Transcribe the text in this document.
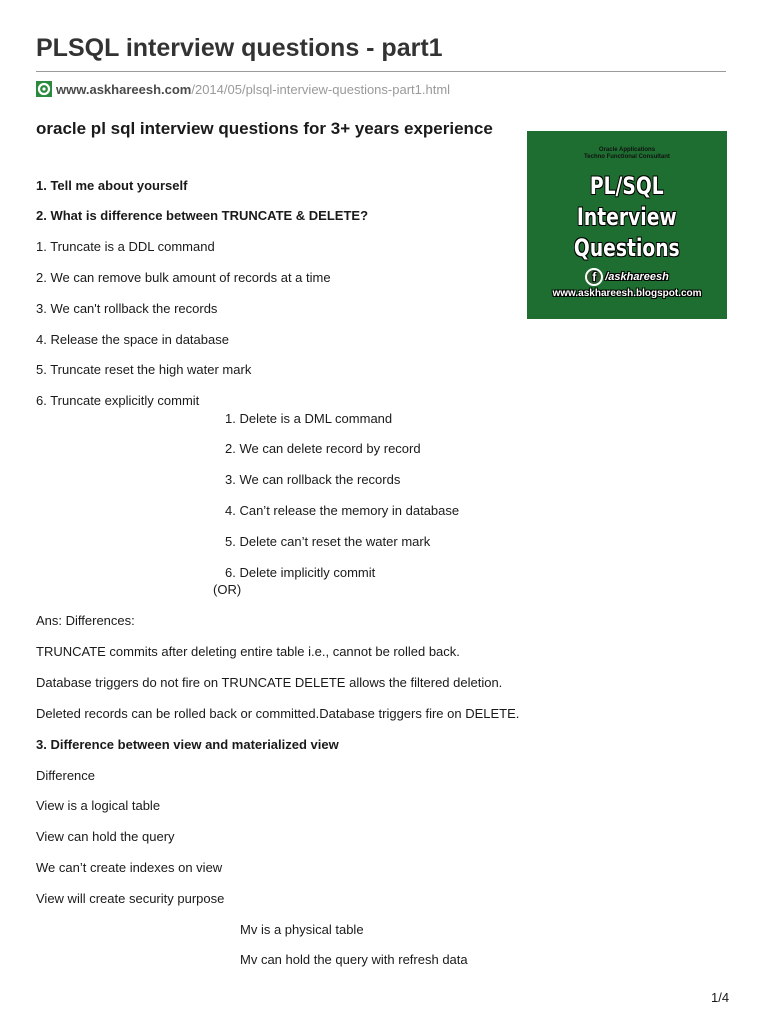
PLSQL interview questions - part1
www.askhareesh.com /2014/05/plsql-interview-questions-part1.html
oracle pl sql interview questions for 3+ years experience
Oracle Applications
Techno Functional Consultant
PL/SQL
Interview
Questions
f /askhareesh
www.askhareesh.blogspot.com
1. Tell me about yourself
2. What is difference between TRUNCATE & DELETE?
1. Truncate is a DDL command
2. We can remove bulk amount of records at a time
3. We can't rollback the records
4. Release the space in database
5. Truncate reset the high water mark
6. Truncate explicitly commit
1. Delete is a DML command
2. We can delete record by record
3. We can rollback the records
4. Can’t release the memory in database
5. Delete can’t reset the water mark
6. Delete implicitly commit
(OR)
Ans: Differences:
TRUNCATE commits after deleting entire table i.e., cannot be rolled back.
Database triggers do not fire on TRUNCATE DELETE allows the filtered deletion.
Deleted records can be rolled back or committed.Database triggers fire on DELETE.
3. Difference between view and materialized view
Difference
View is a logical table
View can hold the query
We can’t create indexes on view
View will create security purpose
Mv is a physical table
Mv can hold the query with refresh data
1/4
